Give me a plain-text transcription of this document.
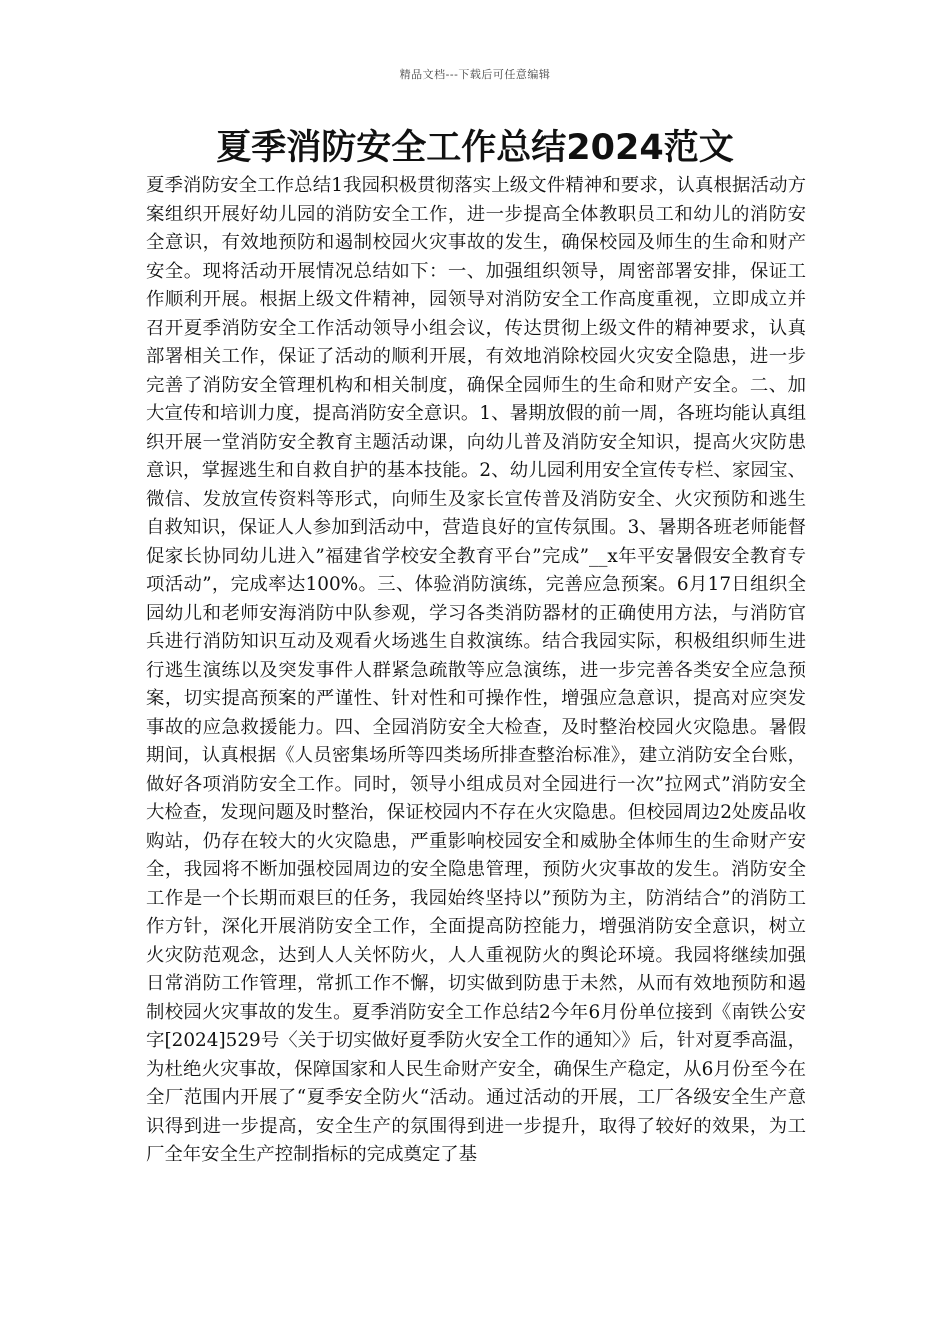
精品文档---下载后可任意编辑
夏季消防安全工作总结2024范文

夏季消防安全工作总结1我园积极贯彻落实上级文件精神和要求，认真根据活动方案组织开展好幼儿园的消防安全工作，进一步提高全体教职员工和幼儿的消防安全意识，有效地预防和遏制校园火灾事故的发生，确保校园及师生的生命和财产安全。现将活动开展情况总结如下：一、加强组织领导，周密部署安排，保证工作顺利开展。根据上级文件精神，园领导对消防安全工作高度重视，立即成立并召开夏季消防安全工作活动领导小组会议，传达贯彻上级文件的精神要求，认真部署相关工作，保证了活动的顺利开展，有效地消除校园火灾安全隐患，进一步完善了消防安全管理机构和相关制度，确保全园师生的生命和财产安全。二、加大宣传和培训力度，提高消防安全意识。1、暑期放假的前一周，各班均能认真组织开展一堂消防安全教育主题活动课，向幼儿普及消防安全知识，提高火灾防患意识，掌握逃生和自救自护的基本技能。2、幼儿园利用安全宣传专栏、家园宝、微信、发放宣传资料等形式，向师生及家长宣传普及消防安全、火灾预防和逃生自救知识，保证人人参加到活动中，营造良好的宣传氛围。3、暑期各班老师能督促家长协同幼儿进入”福建省学校安全教育平台”完成”__x年平安暑假安全教育专项活动”，完成率达100%。三、体验消防演练，完善应急预案。6月17日组织全园幼儿和老师安海消防中队参观，学习各类消防器材的正确使用方法，与消防官兵进行消防知识互动及观看火场逃生自救演练。结合我园实际，积极组织师生进行逃生演练以及突发事件人群紧急疏散等应急演练，进一步完善各类安全应急预案，切实提高预案的严谨性、针对性和可操作性，增强应急意识，提高对应突发事故的应急救援能力。四、全园消防安全大检查，及时整治校园火灾隐患。暑假期间，认真根据《人员密集场所等四类场所排查整治标准》，建立消防安全台账，做好各项消防安全工作。同时，领导小组成员对全园进行一次”拉网式”消防安全大检查，发现问题及时整治，保证校园内不存在火灾隐患。但校园周边2处废品收购站，仍存在较大的火灾隐患，严重影响校园安全和威胁全体师生的生命财产安全，我园将不断加强校园周边的安全隐患管理，预防火灾事故的发生。消防安全工作是一个长期而艰巨的任务，我园始终坚持以”预防为主，防消结合”的消防工作方针，深化开展消防安全工作，全面提高防控能力，增强消防安全意识，树立火灾防范观念，达到人人关怀防火，人人重视防火的舆论环境。我园将继续加强日常消防工作管理，常抓工作不懈，切实做到防患于未然，从而有效地预防和遏制校园火灾事故的发生。夏季消防安全工作总结2今年6月份单位接到《南铁公安字[2024]529号〈关于切实做好夏季防火安全工作的通知〉》后，针对夏季高温，为杜绝火灾事故，保障国家和人民生命财产安全，确保生产稳定，从6月份至今在全厂范围内开展了“夏季安全防火“活动。通过活动的开展，工厂各级安全生产意识得到进一步提高，安全生产的氛围得到进一步提升，取得了较好的效果，为工厂全年安全生产控制指标的完成奠定了基
